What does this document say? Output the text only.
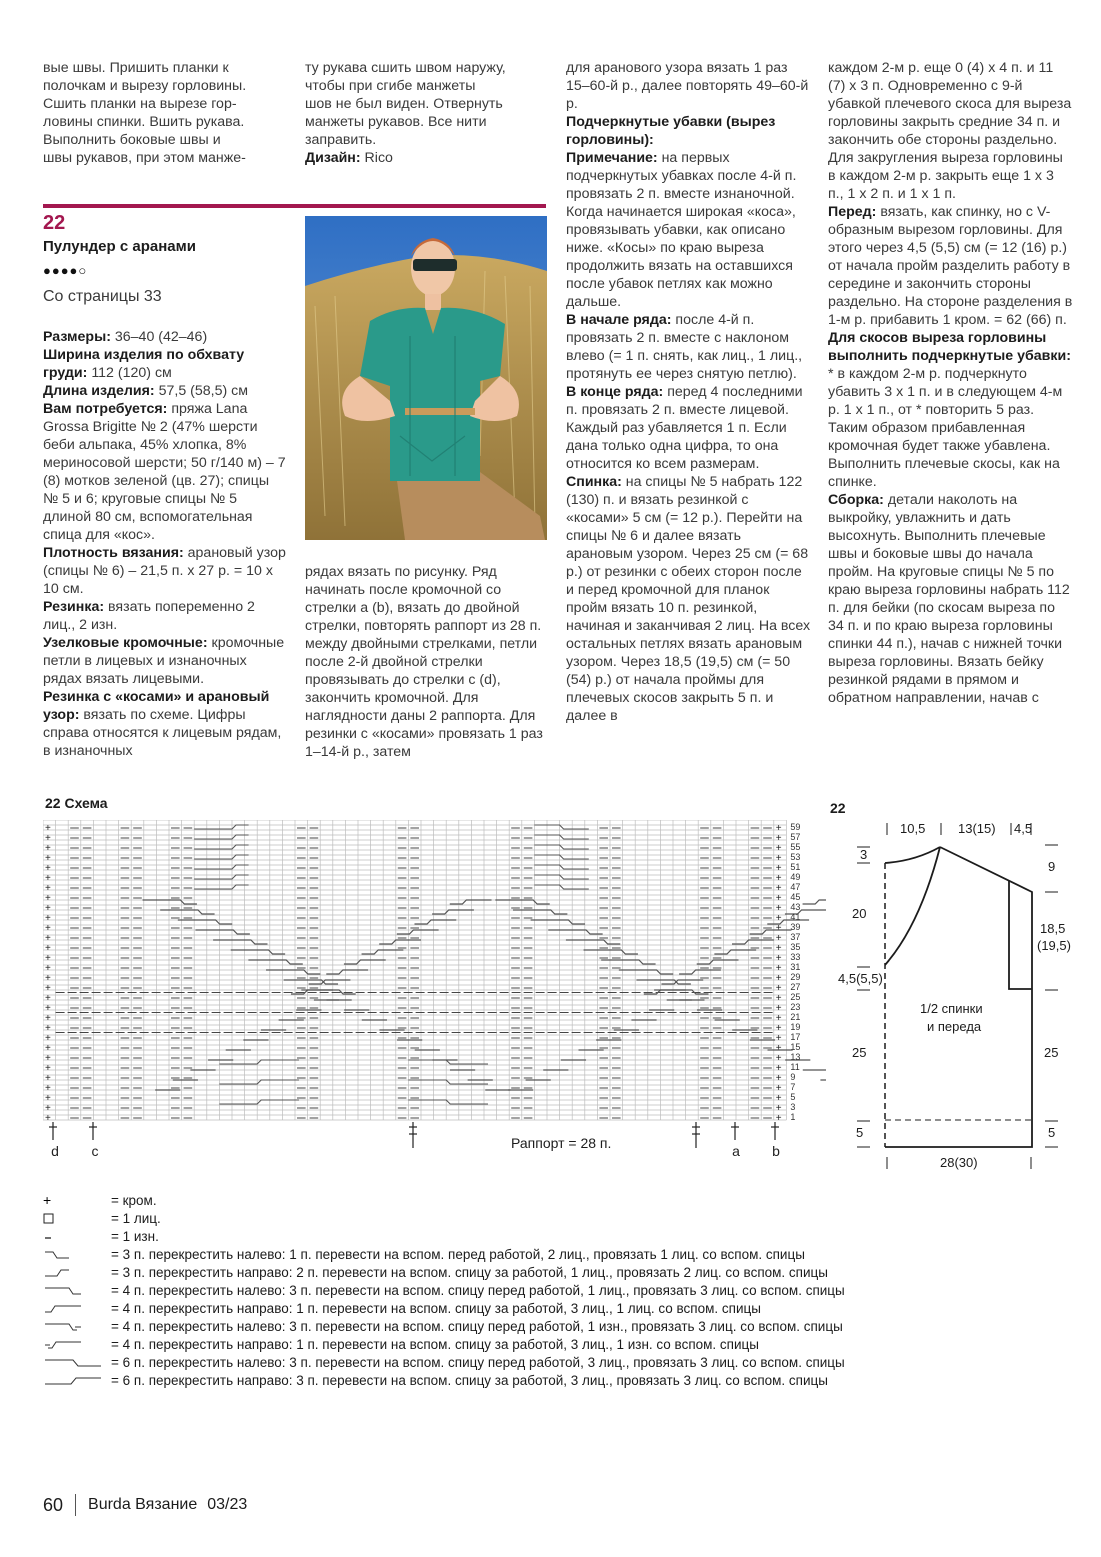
вые швы. Пришить планки к

полочкам и вырезу горловины.

Сшить планки на вырезе гор-

ловины спинки. Вшить рукава.

Выполнить боковые швы и

швы рукавов, при этом манже-

ту рукава сшить швом наружу,

чтобы при сгибе манжеты

шов не был виден. Отвернуть

манжеты рукавов. Все нити

заправить.

Дизайн: Rico

22
Пулундер с аранами
●●●●○
Со страницы 33

Размеры: 36–40 (42–46)

Ширина изделия по обхвату груди: 112 (120) см

Длина изделия: 57,5 (58,5) см

Вам потребуется: пряжа Lana Grossa Brigitte № 2 (47% шерсти беби альпака, 45% хлопка, 8% мериносовой шерсти; 50 г/140 м) – 7 (8) мотков зеленой (цв. 27); спицы № 5 и 6; круговые спицы № 5 длиной 80 см, вспомогательная спица для «кос».

Плотность вязания: арановый узор (спицы № 6) – 21,5 п. х 27 р. = 10 х 10 см.

Резинка: вязать попеременно 2 лиц., 2 изн.

Узелковые кромочные: кромочные петли в лицевых и изнаночных рядах вязать лицевыми.

Резинка с «косами» и арановый узор: вязать по схеме. Цифры справа относятся к лицевым рядам, в изнаночных

рядах вязать по рисунку. Ряд начинать после кромочной со стрелки a (b), вязать до двойной стрелки, повторять раппорт из 28 п. между двойными стрелками, петли после 2-й двойной стрелки провязывать до стрелки c (d), закончить кромочной. Для наглядности даны 2 раппорта. Для резинки с «косами» провязать 1 раз 1–14-й р., затем

для аранового узора вязать 1 раз 15–60-й р., далее повторять 49–60-й р.

Подчеркнутые убавки (вырез горловины):

Примечание: на первых подчеркнутых убавках после 4-й п. провязать 2 п. вместе изнаночной. Когда начинается широкая «коса», провязывать убавки, как описано ниже. «Косы» по краю выреза продолжить вязать на оставшихся после убавок петлях как можно дальше.

В начале ряда: после 4-й п. провязать 2 п. вместе с наклоном влево (= 1 п. снять, как лиц., 1 лиц., протянуть ее через снятую петлю).

В конце ряда: перед 4 последними п. провязать 2 п. вместе лицевой. Каждый раз убавляется 1 п. Если дана только одна цифра, то она относится ко всем размерам.

Спинка: на спицы № 5 набрать 122 (130) п. и вязать резинкой с «косами» 5 см (= 12 р.). Перейти на спицы № 6 и далее вязать арановым узором. Через 25 см (= 68 р.) от резинки с обеих сторон после и перед кромочной для планок пройм вязать 10 п. резинкой, начиная и заканчивая 2 лиц. На всех остальных петлях вязать арановым узором. Через 18,5 (19,5) см (= 50 (54) р.) от начала проймы для плечевых скосов закрыть 5 п. и далее в

каждом 2-м р. еще 0 (4) х 4 п. и 11 (7) х 3 п. Одновременно с 9-й убавкой плечевого скоса для выреза горловины закрыть средние 34 п. и закончить обе стороны раздельно. Для закругления выреза горловины в каждом 2-м р. закрыть еще 1 х 3 п., 1 х 2 п. и 1 х 1 п.

Перед: вязать, как спинку, но с V-образным вырезом горловины. Для этого через 4,5 (5,5) см (= 12 (16) р.) от начала пройм разделить работу в середине и закончить стороны раздельно. На стороне разделения в 1-м р. прибавить 1 кром. = 62 (66) п.

Для скосов выреза горловины выполнить подчеркнутые убавки: * в каждом 2-м р. подчеркнуто убавить 3 х 1 п. и в следующем 4-м р. 1 х 1 п., от * повторить 5 раз. Таким образом прибавленная кромочная будет также убавлена. Выполнить плечевые скосы, как на спинке.

Сборка: детали наколоть на выкройку, увлажнить и дать высохнуть. Выполнить плечевые швы и боковые швы до начала пройм. На круговые спицы № 5 по краю выреза горловины набрать 112 п. для бейки (по скосам выреза по 34 п. и по краю выреза горловины спинки 44 п.), начав с нижней точки выреза горловины. Вязать бейку резинкой рядами в прямом и обратном направлении, начав с

22 Схема
+	+
+	+
+	+
+	+
+	+
+	+
+	+
+	+
+	+
+	+
+	+
+	+
+	+
+	+
+	+
+	+
+	+
+	+
+	+
+	+
+	+
+	+
+	+
+	+
+	+
+	+
+	+
+	+
+	+
+	+
59
57
55
53
51
49
47
45
43
41
39
37
35
33
31
29
27
25
23
21
19
17
15
13
11
9
7
5
3
1
d c	a b
Раппорт = 28 п.
22
10,5	13(15) 4,5
3
20
4,5(5,5)
25
5
9
18,5
(19,5)
25
5
1/2 спинки
и переда
28(30)
+	= кром.
= 1 лиц.
= 1 изн.
= 3 п. перекрестить налево: 1 п. перевести на вспом. перед работой, 2 лиц., провязать 1 лиц. со вспом. спицы
= 3 п. перекрестить направо: 2 п. перевести на вспом. спицу за работой, 1 лиц., провязать 2 лиц. со вспом. спицы
= 4 п. перекрестить налево: 3 п. перевести на вспом. спицу перед работой, 1 лиц., провязать 3 лиц. со вспом. спицы
= 4 п. перекрестить направо: 1 п. перевести на вспом. спицу за работой, 3 лиц., 1 лиц. со вспом. спицы
= 4 п. перекрестить налево: 3 п. перевести на вспом. спицу перед работой, 1 изн., провязать 3 лиц. со вспом. спицы
= 4 п. перекрестить направо: 1 п. перевести на вспом. спицу за работой, 3 лиц., 1 изн. со вспом. спицы
= 6 п. перекрестить налево: 3 п. перевести на вспом. спицу перед работой, 3 лиц., провязать 3 лиц. со вспом. спицы
= 6 п. перекрестить направо: 3 п. перевести на вспом. спицу за работой, 3 лиц., провязать 3 лиц. со вспом. спицы
60 Burda Вязание 03/23
